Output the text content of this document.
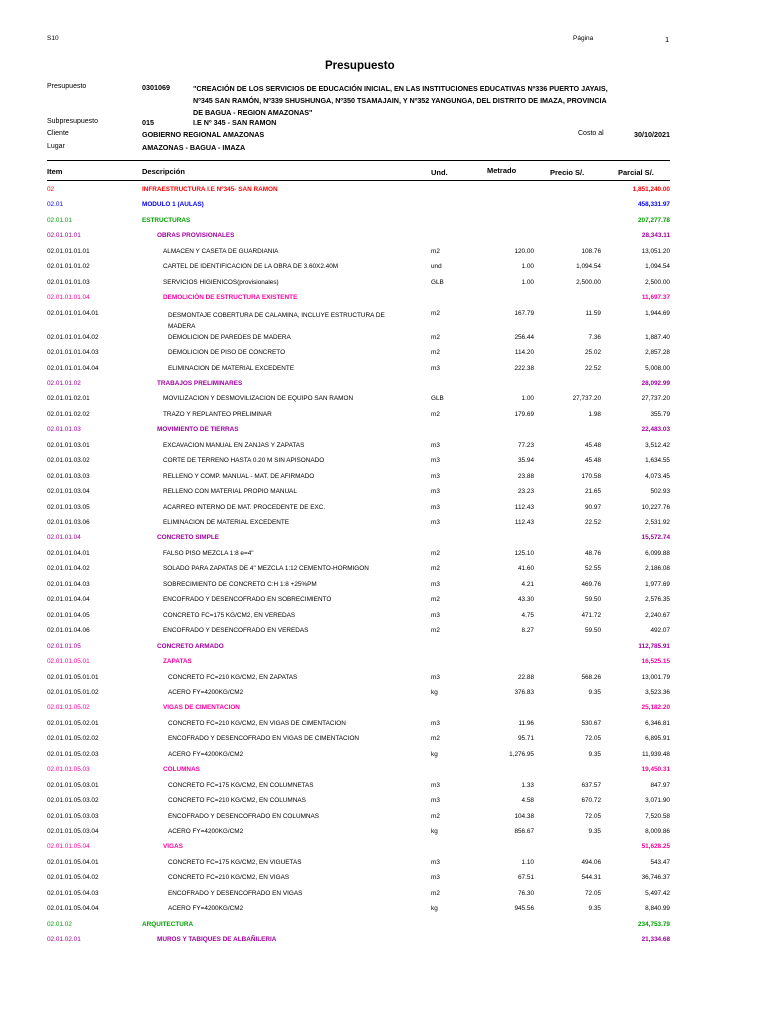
S10	Página	1
Presupuesto
Presupuesto	0301069	"CREACIÓN DE LOS SERVICIOS DE EDUCACIÓN INICIAL, EN LAS INSTITUCIONES EDUCATIVAS Nº336 PUERTO JAYAIS, Nº345 SAN RAMÓN, Nº339 SHUSHUNGA, Nº350 TSAMAJAIN, Y Nº352 YANGUNGA, DEL DISTRITO DE IMAZA, PROVINCIA DE BAGUA - REGION AMAZONAS"
Subpresupuesto	015	I.E Nº 345 - SAN RAMON
Cliente	GOBIERNO REGIONAL AMAZONAS	Costo al	30/10/2021
Lugar	AMAZONAS - BAGUA - IMAZA
Item	Descripción	Und.	Metrado	Precio S/.	Parcial S/.
02	INFRAESTRUCTURA I.E Nº345- SAN RAMON	1,851,240.00
02.01	MODULO 1 (AULAS)	458,331.97
02.01.01	ESTRUCTURAS	207,277.78
02.01.01.01	OBRAS PROVISIONALES	28,343.11
02.01.01.01.01	ALMACEN Y CASETA DE GUARDIANIA	m2	120.00	108.76	13,051.20
02.01.01.01.02	CARTEL DE IDENTIFICACION DE LA OBRA DE 3.60X2.40M	und	1.00	1,094.54	1,094.54
02.01.01.01.03	SERVICIOS HIGIENICOS(provisionales)	GLB	1.00	2,500.00	2,500.00
02.01.01.01.04	DEMOLICIÓN DE ESTRUCTURA EXISTENTE	11,697.37
02.01.01.01.04.01	DESMONTAJE COBERTURA DE CALAMINA, INCLUYE ESTRUCTURA DE MADERA
m2	167.79	11.59	1,944.69
02.01.01.01.04.02	DEMOLICION DE PAREDES DE MADERA	m2	256.44	7.36	1,887.40
02.01.01.01.04.03	DEMOLICION DE PISO DE CONCRETO	m2	114.20	25.02	2,857.28
02.01.01.01.04.04	ELIMINACION DE MATERIAL EXCEDENTE	m3	222.38	22.52	5,008.00
02.01.01.02	TRABAJOS PRELIMINARES	28,092.99
02.01.01.02.01	MOVILIZACION Y DESMOVILIZACION DE EQUIPO SAN RAMON	GLB	1.00	27,737.20	27,737.20
02.01.01.02.02	TRAZO Y REPLANTEO PRELIMINAR	m2	179.69	1.98	355.79
02.01.01.03	MOVIMIENTO DE TIERRAS	22,483.03
02.01.01.03.01	EXCAVACION MANUAL EN ZANJAS Y ZAPATAS	m3	77.23	45.48	3,512.42
02.01.01.03.02	CORTE DE TERRENO HASTA 0.20 M SIN APISONADO	m3	35.94	45.48	1,634.55
02.01.01.03.03	RELLENO Y COMP. MANUAL - MAT. DE AFIRMADO	m3	23.88	170.58	4,073.45
02.01.01.03.04	RELLENO CON MATERIAL PROPIO MANUAL	m3	23.23	21.65	502.93
02.01.01.03.05	ACARREO INTERNO DE MAT. PROCEDENTE DE EXC.	m3	112.43	90.97	10,227.76
02.01.01.03.06	ELIMINACION DE MATERIAL EXCEDENTE	m3	112.43	22.52	2,531.92
02.01.01.04	CONCRETO SIMPLE	15,572.74
02.01.01.04.01	FALSO PISO MEZCLA 1:8 e=4"	m2	125.10	48.76	6,099.88
02.01.01.04.02	SOLADO PARA ZAPATAS DE 4" MEZCLA 1:12 CEMENTO-HORMIGON	m2	41.60	52.55	2,186.08
02.01.01.04.03	SOBRECIMIENTO DE CONCRETO C:H 1:8 +25%PM	m3	4.21	469.76	1,977.69
02.01.01.04.04	ENCOFRADO Y DESENCOFRADO EN SOBRECIMIENTO	m2	43.30	59.50	2,576.35
02.01.01.04.05	CONCRETO FC=175 KG/CM2, EN VEREDAS	m3	4.75	471.72	2,240.67
02.01.01.04.06	ENCOFRADO Y DESENCOFRADO EN VEREDAS	m2	8.27	59.50	492.07
02.01.01.05	CONCRETO ARMADO	112,785.91
02.01.01.05.01	ZAPATAS	16,525.15
02.01.01.05.01.01	CONCRETO FC=210 KG/CM2, EN ZAPATAS	m3	22.88	568.26	13,001.79
02.01.01.05.01.02	ACERO FY=4200KG/CM2	kg	376.83	9.35	3,523.36
02.01.01.05.02	VIGAS DE CIMENTACION	25,182.20
02.01.01.05.02.01	CONCRETO FC=210 KG/CM2, EN VIGAS DE CIMENTACION	m3	11.96	530.67	6,346.81
02.01.01.05.02.02	ENCOFRADO Y DESENCOFRADO EN VIGAS DE CIMENTACION	m2	95.71	72.05	6,895.91
02.01.01.05.02.03	ACERO FY=4200KG/CM2	kg	1,276.95	9.35	11,939.48
02.01.01.05.03	COLUMNAS	19,450.31
02.01.01.05.03.01	CONCRETO FC=175 KG/CM2, EN COLUMNETAS	m3	1.33	637.57	847.97
02.01.01.05.03.02	CONCRETO FC=210 KG/CM2, EN COLUMNAS	m3	4.58	670.72	3,071.90
02.01.01.05.03.03	ENCOFRADO Y DESENCOFRADO EN COLUMNAS	m2	104.38	72.05	7,520.58
02.01.01.05.03.04	ACERO FY=4200KG/CM2	kg	856.67	9.35	8,009.86
02.01.01.05.04	VIGAS	51,628.25
02.01.01.05.04.01	CONCRETO FC=175 KG/CM2, EN VIGUETAS	m3	1.10	494.06	543.47
02.01.01.05.04.02	CONCRETO FC=210 KG/CM2, EN VIGAS	m3	67.51	544.31	36,746.37
02.01.01.05.04.03	ENCOFRADO Y DESENCOFRADO EN VIGAS	m2	76.30	72.05	5,497.42
02.01.01.05.04.04	ACERO FY=4200KG/CM2	kg	945.56	9.35	8,840.99
02.01.02	ARQUITECTURA	234,753.79
02.01.02.01	MUROS Y TABIQUES DE ALBAÑILERIA	21,334.68
